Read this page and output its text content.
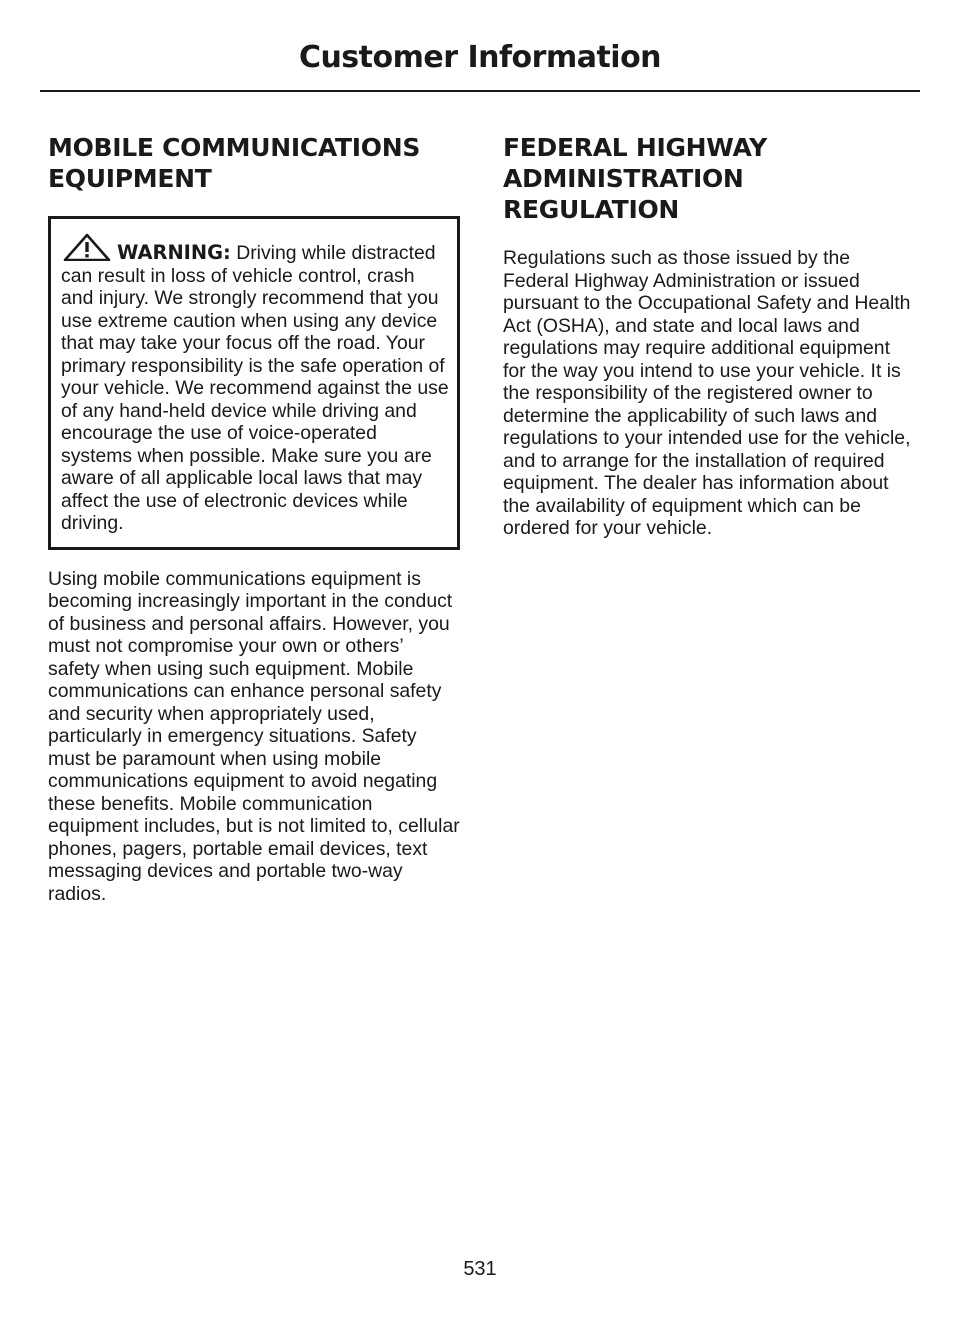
Customer Information
MOBILE COMMUNICATIONS
EQUIPMENT
WARNING: Driving while distracted can result in loss of vehicle control, crash and injury. We strongly recommend that you use extreme caution when using any device that may take your focus off the road. Your primary responsibility is the safe operation of your vehicle. We recommend against the use of any hand-held device while driving and encourage the use of voice-operated systems when possible. Make sure you are aware of all applicable local laws that may affect the use of electronic devices while driving.

Using mobile communications equipment is becoming increasingly important in the conduct of business and personal affairs. However, you must not compromise your own or others’ safety when using such equipment. Mobile communications can enhance personal safety and security when appropriately used, particularly in emergency situations. Safety must be paramount when using mobile communications equipment to avoid negating these benefits. Mobile communication equipment includes, but is not limited to, cellular phones, pagers, portable email devices, text messaging devices and portable two-way radios.

FEDERAL HIGHWAY
ADMINISTRATION
REGULATION

Regulations such as those issued by the Federal Highway Administration or issued pursuant to the Occupational Safety and Health Act (OSHA), and state and local laws and regulations may require additional equipment for the way you intend to use your vehicle. It is the responsibility of the registered owner to determine the applicability of such laws and regulations to your intended use for the vehicle, and to arrange for the installation of required equipment. The dealer has information about the availability of equipment which can be ordered for your vehicle.

531
